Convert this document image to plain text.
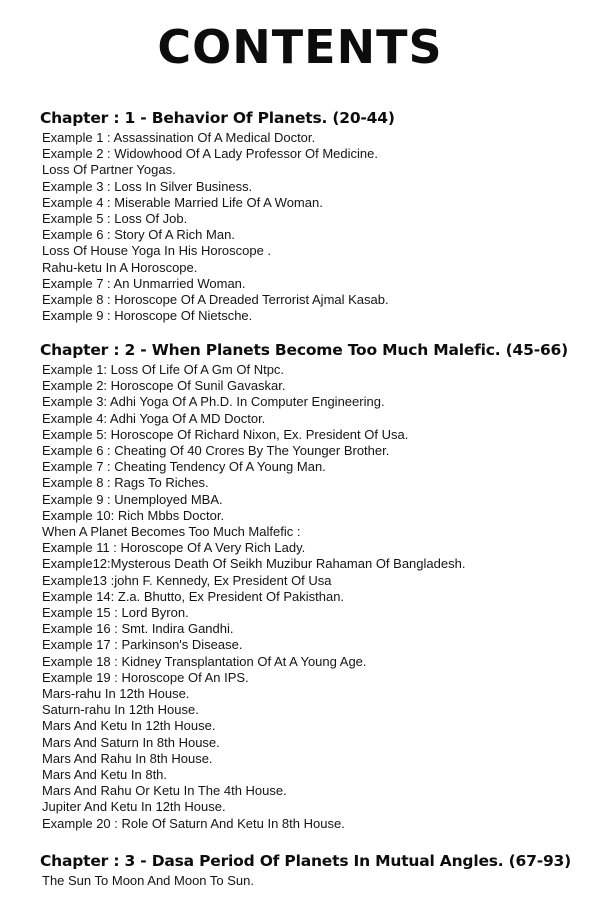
CONTENTS
Chapter : 1 - Behavior Of Planets. (20-44)
Example 1 : Assassination Of A Medical Doctor.
Example 2 : Widowhood Of A Lady Professor Of Medicine.
Loss Of Partner Yogas.
Example 3 : Loss In Silver Business.
Example 4 : Miserable Married Life Of A Woman.
Example 5 : Loss Of Job.
Example 6 : Story Of A Rich Man.
Loss Of House Yoga In His Horoscope .
Rahu-ketu In A Horoscope.
Example 7 : An Unmarried Woman.
Example 8 : Horoscope Of A Dreaded Terrorist Ajmal Kasab.
Example 9 : Horoscope Of Nietsche.
Chapter : 2 - When Planets Become Too Much Malefic. (45-66)
Example 1: Loss Of Life Of A Gm Of Ntpc.
Example 2: Horoscope Of Sunil Gavaskar.
Example 3: Adhi Yoga Of A Ph.D. In Computer Engineering.
Example 4: Adhi Yoga Of A MD Doctor.
Example 5: Horoscope Of Richard Nixon, Ex. President Of Usa.
Example 6 : Cheating Of 40 Crores By The Younger Brother.
Example 7 : Cheating Tendency Of A Young Man.
Example 8 : Rags To Riches.
Example 9 : Unemployed MBA.
Example 10: Rich Mbbs Doctor.
When A Planet Becomes Too Much Malfefic :
Example 11 : Horoscope Of A Very Rich Lady.
Example12:Mysterous Death Of Seikh Muzibur Rahaman Of Bangladesh.
Example13 :john F. Kennedy, Ex President Of Usa
Example 14: Z.a. Bhutto, Ex President Of Pakisthan.
Example 15 : Lord Byron.
Example 16 : Smt. Indira Gandhi.
Example 17 : Parkinson's Disease.
Example 18 : Kidney Transplantation Of At A Young Age.
Example 19 : Horoscope Of An IPS.
Mars-rahu In 12th House.
Saturn-rahu In 12th House.
Mars And Ketu In 12th House.
Mars And Saturn In 8th House.
Mars And Rahu In 8th House.
Mars And Ketu In 8th.
Mars And Rahu Or Ketu In The 4th House.
Jupiter And Ketu In 12th House.
Example 20 : Role Of Saturn And Ketu In 8th House.
Chapter : 3 - Dasa Period Of Planets In Mutual Angles. (67-93)
The Sun To Moon And Moon To Sun.
